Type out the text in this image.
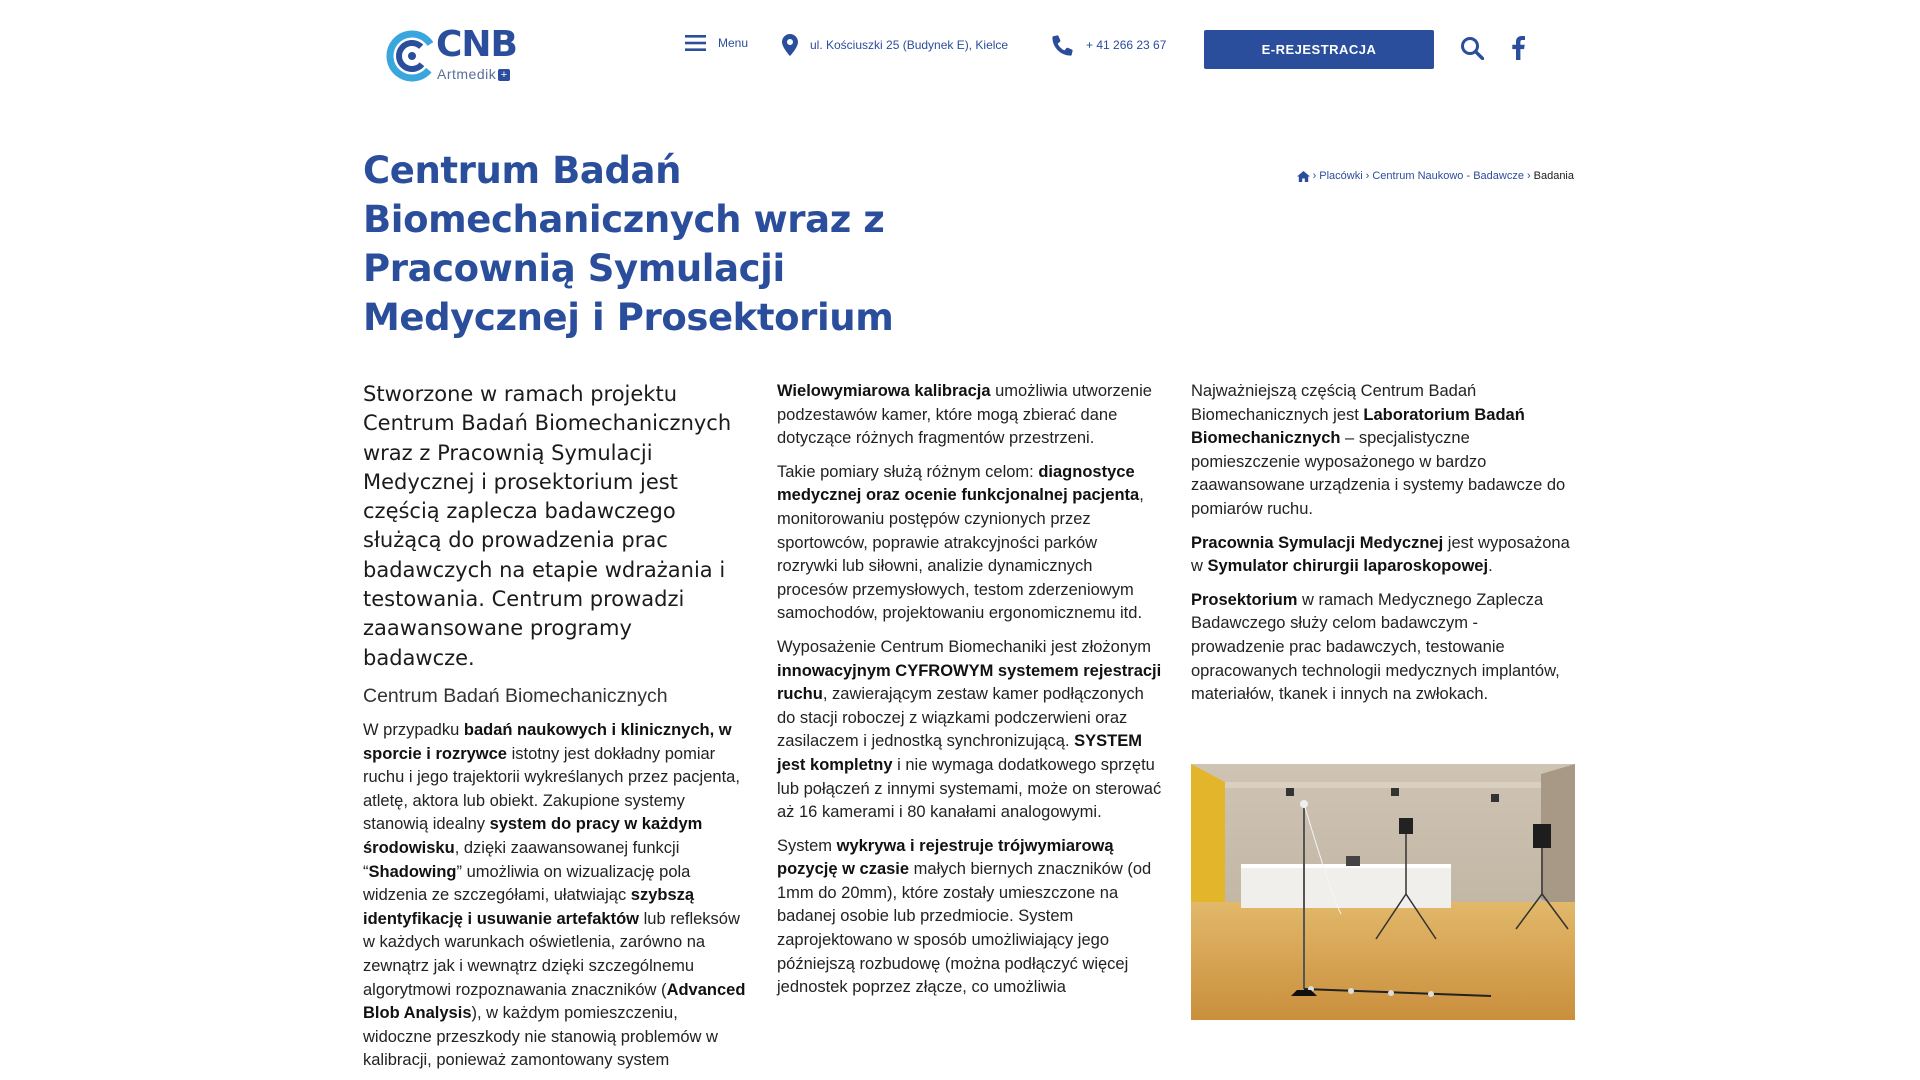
CNB
Artmedik +
Menu	ul. Kościuszki 25 (Budynek E), Kielce	+ 41 266 23 67	E-REJESTRACJA
Centrum Badań Biomechanicznych wraz z Pracownią Symulacji Medycznej i Prosektorium
› Placówki › Centrum Naukowo - Badawcze › Badania

Stworzone w ramach projektu Centrum Badań Biomechanicznych wraz z Pracownią Symulacji Medycznej i prosektorium jest częścią zaplecza badawczego służącą do prowadzenia prac badawczych na etapie wdrażania i testowania. Centrum prowadzi zaawansowane programy badawcze.

Centrum Badań Biomechanicznych

W przypadku badań naukowych i klinicznych, w sporcie i rozrywce istotny jest dokładny pomiar ruchu i jego trajektorii wykreślanych przez pacjenta, atletę, aktora lub obiekt. Zakupione systemy stanowią idealny system do pracy w każdym środowisku, dzięki zaawansowanej funkcji “Shadowing” umożliwia on wizualizację pola widzenia ze szczegółami, ułatwiając szybszą identyfikację i usuwanie artefaktów lub refleksów w każdych warunkach oświetlenia, zarówno na zewnątrz jak i wewnątrz dzięki szczególnemu algorytmowi rozpoznawania znaczników (Advanced Blob Analysis), w każdym pomieszczeniu, widoczne przeszkody nie stanowią problemów w kalibracji, ponieważ zamontowany system

Wielowymiarowa kalibracja umożliwia utworzenie podzestawów kamer, które mogą zbierać dane dotyczące różnych fragmentów przestrzeni.

Takie pomiary służą różnym celom: diagnostyce medycznej oraz ocenie funkcjonalnej pacjenta, monitorowaniu postępów czynionych przez sportowców, poprawie atrakcyjności parków rozrywki lub siłowni, analizie dynamicznych procesów przemysłowych, testom zderzeniowym samochodów, projektowaniu ergonomicznemu itd.

Wyposażenie Centrum Biomechaniki jest złożonym innowacyjnym CYFROWYM systemem rejestracji ruchu, zawierającym zestaw kamer podłączonych do stacji roboczej z wiązkami podczerwieni oraz zasilaczem i jednostką synchronizującą. SYSTEM jest kompletny i nie wymaga dodatkowego sprzętu lub połączeń z innymi systemami, może on sterować aż 16 kamerami i 80 kanałami analogowymi.

System wykrywa i rejestruje trójwymiarową pozycję w czasie małych biernych znaczników (od 1mm do 20mm), które zostały umieszczone na badanej osobie lub przedmiocie. System zaprojektowano w sposób umożliwiający jego późniejszą rozbudowę (można podłączyć więcej jednostek poprzez złącze, co umożliwia

Najważniejszą częścią Centrum Badań Biomechanicznych jest Laboratorium Badań Biomechanicznych – specjalistyczne pomieszczenie wyposażonego w bardzo zaawansowane urządzenia i systemy badawcze do pomiarów ruchu.

Pracownia Symulacji Medycznej jest wyposażona w Symulator chirurgii laparoskopowej.

Prosektorium w ramach Medycznego Zaplecza Badawczego służy celom badawczym - prowadzenie prac badawczych, testowanie opracowanych technologii medycznych implantów, materiałów, tkanek i innych na zwłokach.
